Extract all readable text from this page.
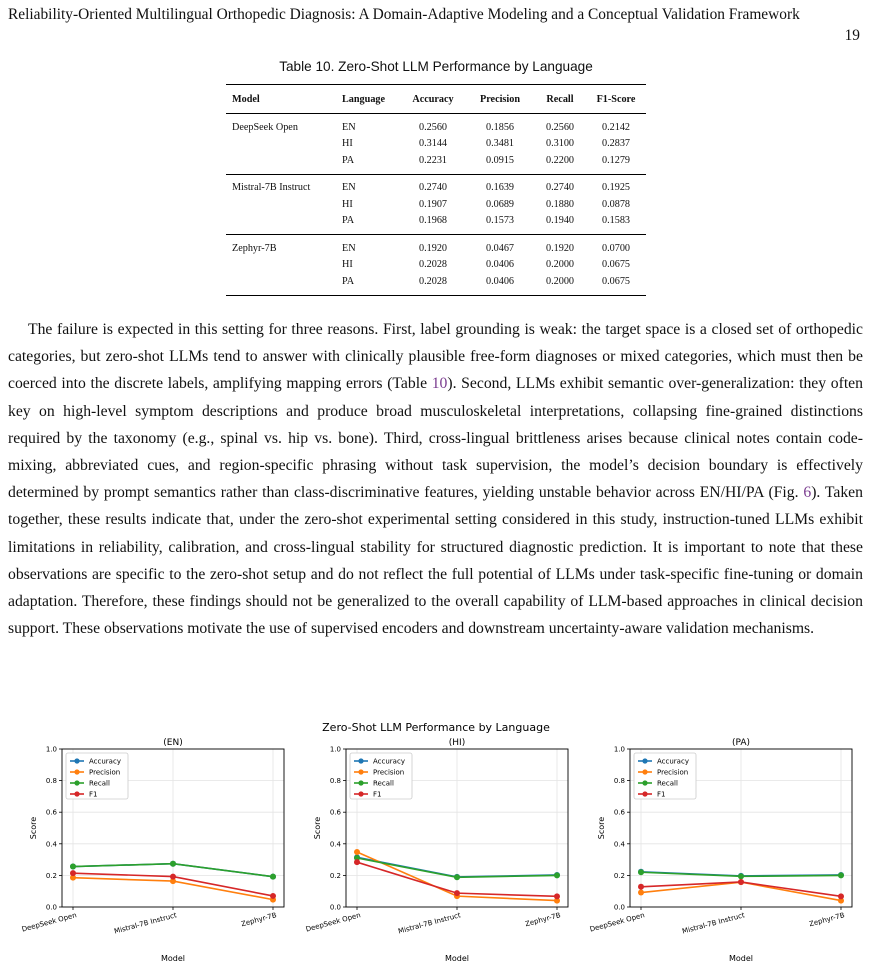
Reliability-Oriented Multilingual Orthopedic Diagnosis: A Domain-Adaptive Modeling and a Conceptual Validation Framework
19
Table 10. Zero-Shot LLM Performance by Language
Model	Language	Accuracy	Precision	Recall	F1-Score
DeepSeek Open	EN	0.2560	0.1856	0.2560	0.2142
	HI	0.3144	0.3481	0.3100	0.2837
	PA	0.2231	0.0915	0.2200	0.1279
Mistral-7B Instruct	EN	0.2740	0.1639	0.2740	0.1925
	HI	0.1907	0.0689	0.1880	0.0878
	PA	0.1968	0.1573	0.1940	0.1583
Zephyr-7B	EN	0.1920	0.0467	0.1920	0.0700
	HI	0.2028	0.0406	0.2000	0.0675
	PA	0.2028	0.0406	0.2000	0.0675

The failure is expected in this setting for three reasons. First, label grounding is weak: the target space is a closed set of orthopedic categories, but zero-shot LLMs tend to answer with clinically plausible free-form diagnoses or mixed categories, which must then be coerced into the discrete labels, amplifying mapping errors (Table 10). Second, LLMs exhibit semantic over-generalization: they often key on high-level symptom descriptions and produce broad musculoskeletal interpretations, collapsing fine-grained distinctions required by the taxonomy (e.g., spinal vs. hip vs. bone). Third, cross-lingual brittleness arises because clinical notes contain code-mixing, abbreviated cues, and region-specific phrasing without task supervision, the model’s decision boundary is effectively determined by prompt semantics rather than class-discriminative features, yielding unstable behavior across EN/HI/PA (Fig. 6). Taken together, these results indicate that, under the zero-shot experimental setting considered in this study, instruction-tuned LLMs exhibit limitations in reliability, calibration, and cross-lingual stability for structured diagnostic prediction. It is important to note that these observations are specific to the zero-shot setup and do not reflect the full potential of LLMs under task-specific fine-tuning or domain adaptation. Therefore, these findings should not be generalized to the overall capability of LLM-based approaches in clinical decision support. These observations motivate the use of supervised encoders and downstream uncertainty-aware validation mechanisms.

Zero-Shot LLM Performance by Language
(EN)
0.0
0.2
0.4
0.6
0.8
1.0
DeepSeek Open	Mistral-7B Instruct	Zephyr-7B
Score
Model
Accuracy
Precision
Recall
F1
(HI)
0.0
0.2
0.4
0.6
0.8
1.0
DeepSeek Open	Mistral-7B Instruct	Zephyr-7B
Score
Model
Accuracy
Precision
Recall
F1
(PA)
0.0
0.2
0.4
0.6
0.8
1.0
DeepSeek Open	Mistral-7B Instruct	Zephyr-7B
Score
Model
Accuracy
Precision
Recall
F1
